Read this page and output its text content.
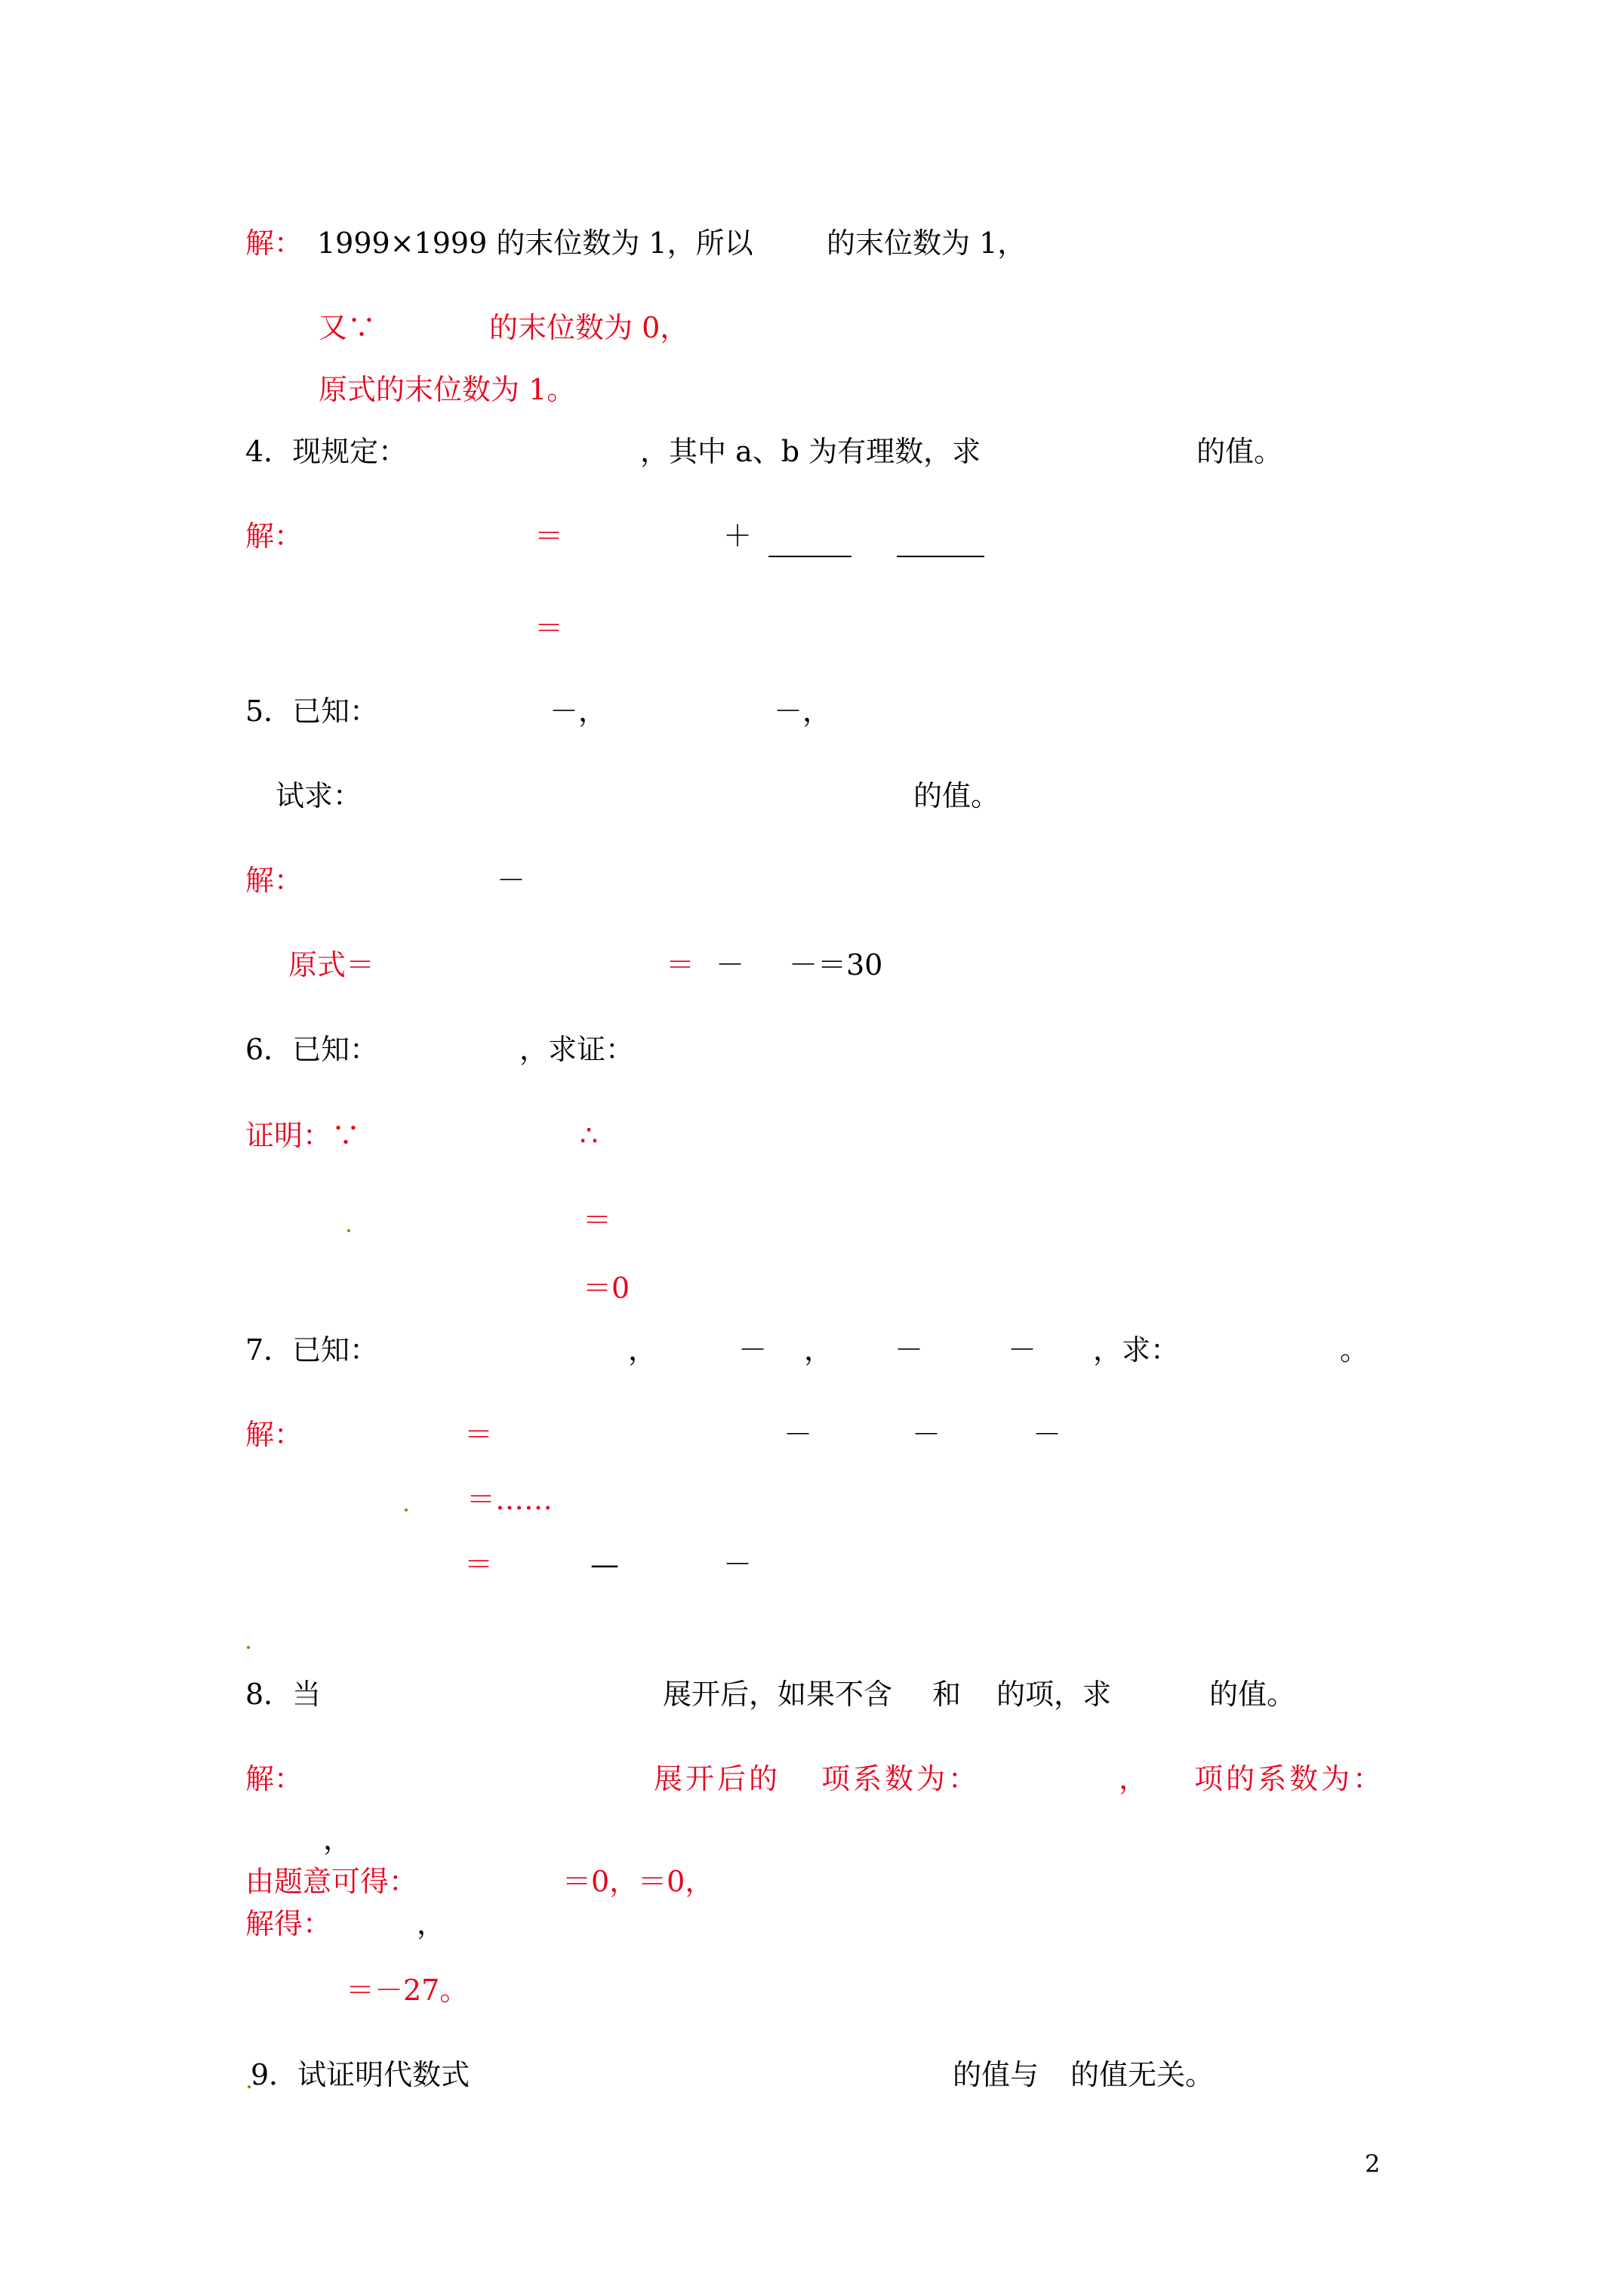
解： 1999×1999 的末位数为 1，所以	的末位数为 1，
又∵	的末位数为 0，
原式的末位数为 1。
4．现规定：	，其中 a、b 为有理数，求	的值。
解：	＝	＋
＝
5．已知：	－，	－，
试求：	的值。
解：	－
原式＝	＝ － －＝30
6．已知：	，求证：
证明：∵	∴
＝
＝0
7．已知：	，	－ ， －	－ ，求：	。
解：	＝	－	－	－
＝……
＝	—	－
8．当	展开后，如果不含 和 的项，求	的值。
解：	展开后的 项系数为：	， 项的系数为：
，
由题意可得：	＝0，＝0，
解得：	，
＝－27。
9．试证明代数式	的值与 的值无关。
2
